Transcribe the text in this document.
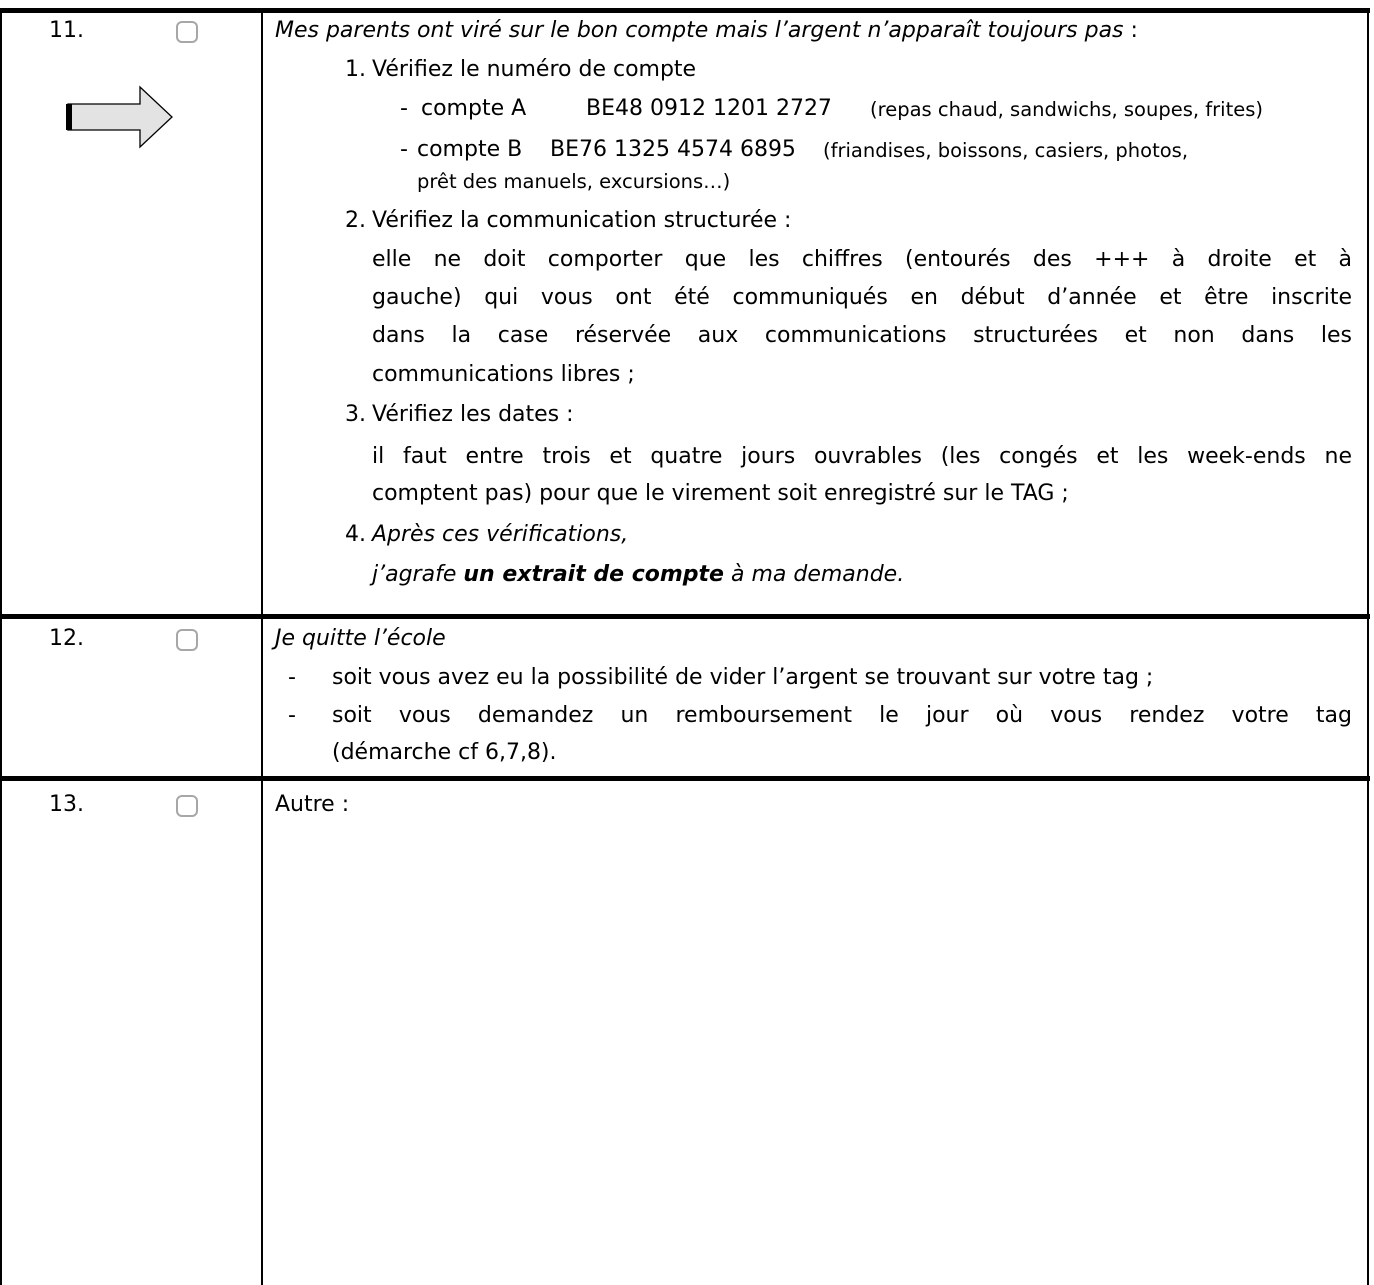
11.	Mes parents ont viré sur le bon compte mais l’argent n’apparaît toujours pas :
1. Vérifiez le numéro de compte
- compte A	BE48 0912 1201 2727 (repas chaud, sandwichs, soupes, frites)
- compte B BE76 1325 4574 6895 (friandises, boissons, casiers, photos,
prêt des manuels, excursions…)
2. Vérifiez la communication structurée :
elle ne doit comporter que les chiffres (entourés des +++ à droite et à
gauche) qui vous ont été communiqués en début d’année et être inscrite
dans la case réservée aux communications structurées et non dans les
communications libres ;
3. Vérifiez les dates :
il faut entre trois et quatre jours ouvrables (les congés et les week-ends ne
comptent pas) pour que le virement soit enregistré sur le TAG ;
4. Après ces vérifications,
j’agrafe un extrait de compte à ma demande.
12.	Je quitte l’école
- soit vous avez eu la possibilité de vider l’argent se trouvant sur votre tag ;
- soit vous demandez un remboursement le jour où vous rendez votre tag
(démarche cf 6,7,8).
13.	Autre :
